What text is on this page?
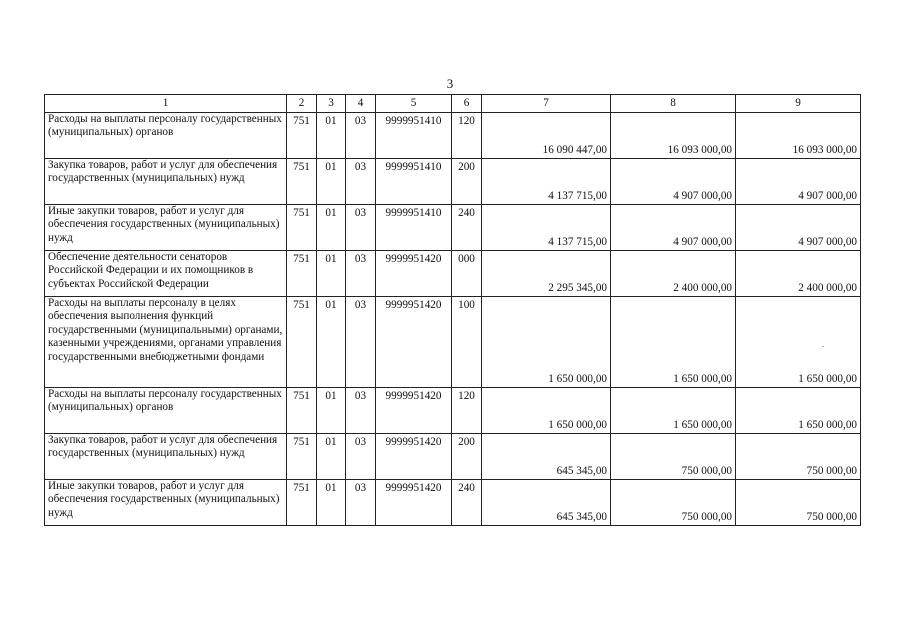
3
1	2	3	4	5	6	7	8	9
Расходы на выплаты персоналу государственных (муниципальных) органов	751	01	03	9999951410	120	16 090 447,00	16 093 000,00	16 093 000,00
Закупка товаров, работ и услуг для обеспечения государственных (муниципальных) нужд	751	01	03	9999951410	200	4 137 715,00	4 907 000,00	4 907 000,00
Иные закупки товаров, работ и услуг для обеспечения государственных (муниципальных) нужд	751	01	03	9999951410	240	4 137 715,00	4 907 000,00	4 907 000,00
Обеспечение деятельности сенаторов Российской Федерации и их помощников в субъектах Российской Федерации	751	01	03	9999951420	000	2 295 345,00	2 400 000,00	2 400 000,00
Расходы на выплаты персоналу в целях обеспечения выполнения функций государственными (муниципальными) органами, казенными учреждениями, органами управления государственными внебюджетными фондами	751	01	03	9999951420	100	1 650 000,00	1 650 000,00	1 650 000,00
Расходы на выплаты персоналу государственных (муниципальных) органов	751	01	03	9999951420	120	1 650 000,00	1 650 000,00	1 650 000,00
Закупка товаров, работ и услуг для обеспечения государственных (муниципальных) нужд	751	01	03	9999951420	200	645 345,00	750 000,00	750 000,00
Иные закупки товаров, работ и услуг для обеспечения государственных (муниципальных) нужд	751	01	03	9999951420	240	645 345,00	750 000,00	750 000,00
